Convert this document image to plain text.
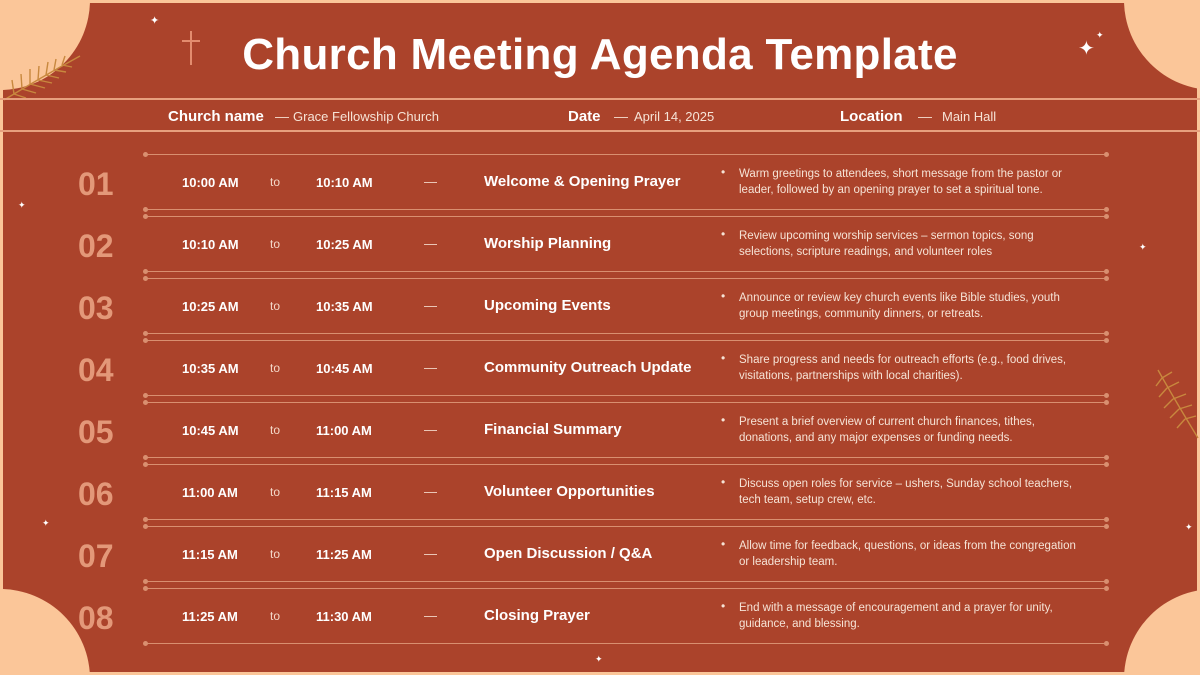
✦
✦
✦
✦
✦
✦	✦
✦
Church Meeting Agenda Template
Church name — Grace Fellowship Church	Date — April 14, 2025	Location — Main Hall
01	10:00 AM	to	10:10 AM	—	Welcome & Opening Prayer
• Warm greetings to attendees, short message from the pastor or leader, followed by an opening prayer to set a spiritual tone.
02	10:10 AM	to	10:25 AM	—	Worship Planning
• Review upcoming worship services – sermon topics, song selections, scripture readings, and volunteer roles
03	10:25 AM	to	10:35 AM	—	Upcoming Events
• Announce or review key church events like Bible studies, youth group meetings, community dinners, or retreats.
04	10:35 AM	to	10:45 AM	—	Community Outreach Update
• Share progress and needs for outreach efforts (e.g., food drives, visitations, partnerships with local charities).
05	10:45 AM	to	11:00 AM	—	Financial Summary
• Present a brief overview of current church finances, tithes, donations, and any major expenses or funding needs.
06	11:00 AM	to	11:15 AM	—	Volunteer Opportunities
• Discuss open roles for service – ushers, Sunday school teachers, tech team, setup crew, etc.
07	11:15 AM	to	11:25 AM	—	Open Discussion / Q&A
• Allow time for feedback, questions, or ideas from the congregation or leadership team.
08	11:25 AM	to	11:30 AM	—	Closing Prayer
• End with a message of encouragement and a prayer for unity, guidance, and blessing.
